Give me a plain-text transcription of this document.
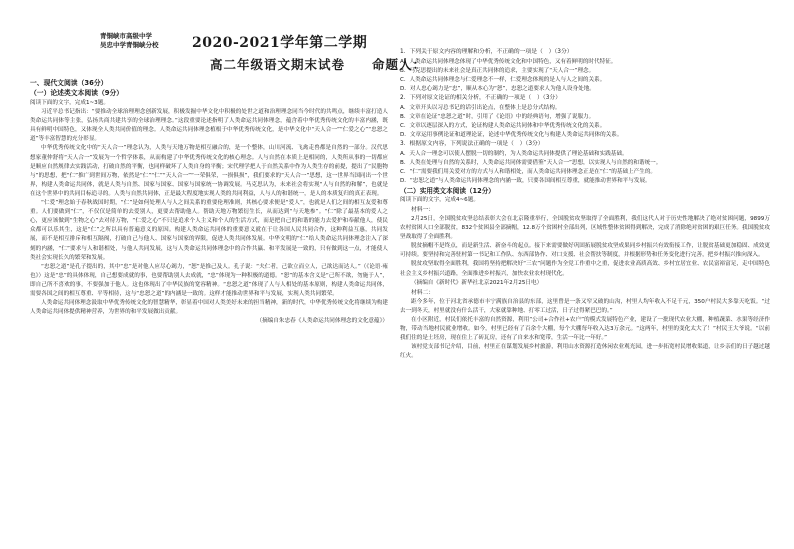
青铜峡市高级中学
吴忠中学青铜峡分校 2020-2021学年第二学期
高二年级语文期末试卷　　命题人：
一、现代文阅读（36分）
（一）论述类文本阅读（9分）

阅读下面的文字，完成1~3题。

习近平总书记指出：“要推动全球治理理念创新发展，积极发掘中华文化中积极的处世之道和治理理念同当今时代的共鸣点，继续丰富打造人类命运共同体等主张，弘扬共商共建共享的全球治理理念。”这段重要论述指明了人类命运共同体理念，蕴含着中华优秀传统文化的丰富内涵，既具有鲜明中国特色，又体现全人类共同价值的理念。人类命运共同体理念植根于中华优秀传统文化，是中华文化中“天人合一”“仁爱之心”“忠恕之道”等丰富智慧的充分彰显。

中华优秀传统文化中的“天人合一”理念认为，人类与天地万物是相互融合的，是一个整体，山川河流、飞禽走兽都是自然的一部分。汉代思想家董仲舒将“天人合一”发展为一个哲学体系，从而构建了中华优秀传统文化的核心理念。人与自然在本质上是相同的，人类所从事的一切都应是顺应自然规律去实践活动，打破自然的平衡，也同样破坏了人类自身的平衡；宋代理学把人于自然关系中作为人类生存的前提，提出了“民胞物与”的思想，把“仁”推广到世间万物，依然是“仁”“仁”“天人合一”“一荣俱荣，一损俱损”，我们要求的“天人合一”思想，这一世界当国同出一个世界，构建人类命运共同体，就是人类与自然、国家与国家、国家与国家统一协调发展。马克思认为，未来社会将实现“人与自然的和解”，也就是在这个世界中的共同目标追寻的。人类与自然共同体，正是最大程度地实现人类的共同利益，人与人的和谐统一，是人的本质复归的真正表现。

“仁爱”理念始于春秋战国时期，“仁”是如何处理人与人之间关系的重要伦理准则，其核心要求便是“爱人”，也就是人们之间的相互友爱和尊重。人们要做到“仁”，不仅仅是简单的去爱别人，更要去帮助他人。帮助天地万物繁衍生长，从而达到“与天地参”。“仁”除了最基本的爱人之心，更应该做到“生物之心”去对待万物，“仁爱之心”不只是追求个人主义和个人的生活方式，而是把自己的和谐的能力去爱护和奉献他人，使民众都可以乐其生，这是“仁”之所以具有普遍意义的原因。构建人类命运共同体的重要意义就在于让各国人民共同合作，这种利益互惠，共同发展，而不是相互排斥和相互隔阂，打破自己与他人、国家与国家的界限，促进人类共同体发展。中华文明的“仁”给人类命运共同体理念注入了深刻的内涵，“仁”要求与人和谐相处，与他人共同发展，这与人类命运共同体理念中的合作共赢、和平发展是一致的，只有做到这一点，才能使人类社会实现长久的繁荣和发展。

“忠恕之道”是孔子提出的，其中“忠”是对他人应尽心竭力，“恕”是推己及人。孔子说：“夫仁者，己欲立而立人，己欲达而达人。”（《论语·雍也》）这是“忠”的具体体现，自己想要成就的事，也要帮助别人去成就，“忠”体现为一种积极的道德。“恕”的基本含义是“己所不欲，勿施于人”，即自己所不喜欢的事，不要强加于他人。这也体现出了中华民族的宽容精神。“忠恕之道”体现了人与人相处的基本原则，构建人类命运共同体，需要各国之间的相互尊重、平等相待，这与“忠恕之道”的内涵是一致的。这样才能推动世界和平与发展，实现人类共同繁荣。

人类命运共同体理念汲取中华优秀传统文化的智慧精华，彰显着中国对人类美好未来的担当精神，新的时代，中华优秀传统文化将继续为构建人类命运共同体提供精神营养，为世界的和平发展做出贡献。

（摘编自朱忠春《人类命运共同体理念的文化意蕴》）

1．下列关于原文内容的理解和分析，不正确的一项是（　）（3分）

A．人类命运共同体理念体现了中华优秀传统文化和中国特色，又有着鲜明的时代特征。

B．马克思提出的未来社会是真正共同体的追求，主要实现了“天人合一”理念。

C．人类命运共同体理念与仁爱理念不一样，仁爱理念体现的是人与人之间的关系。

D．对人忠心竭力是“忠”，顺从本心为“恕”，忠恕之道要求人为他人设身处地。

2．下列对原文论证的相关分析，不正确的一项是（　）（3分）

A．文章开头以习总书记的话引出论点，在整体上是总分式结构。

B．文章在论证“忠恕之道”时，引用了《论语》中的经典语句，增强了说服力。

C．文章以逐层深入的方式，论证构建人类命运共同体和中华优秀传统文化的关系。

D．文章运用事例论证和道理论证，论述中华优秀传统文化与构建人类命运共同体的关系。

3．根据原文内容，下列说法正确的一项是（　）（3分）

A．天人合一理念可以使人摆脱一切的制约，为人类命运共同体提供了理论基础和实践基础。

B．人类在处理与自然的关系时，人类命运共同体需要借鉴“天人合一”思想，以实现人与自然的和谐统一。

C．“仁”需要我们用关爱对方的方式与人和谐相处，而人类命运共同体理念正是在“仁”的基础上产生的。

D．“忠恕之道”与人类命运共同体理念的内涵一致，只要各国间相互尊重，就能推动世界和平与发展。

（二）实用类文本阅读（12分）

阅读下面的文字，完成4~6题。

材料一：

2月25日，全国脱贫攻坚总结表彰大会在北京隆重举行，全国脱贫攻坚取得了全面胜利，我们这代人对于历史性地解决了绝对贫困问题，9899万农村贫困人口全部脱贫，832个贫困县全部摘帽，12.8万个贫困村全部出列，区域性整体贫困得到解决，完成了消除绝对贫困的艰巨任务。我国脱贫攻坚战取得了全面胜利。

脱贫摘帽不是终点，而是新生活、新奋斗的起点。接下来需要做好巩固拓展脱贫攻坚成果同乡村振兴有效衔接工作，让脱贫基础更加稳固、成效更可持续。要坚持和完善驻村第一书记和工作队、东西部协作、对口支援、社会帮扶等制度，并根据形势和任务变化进行完善，把乡村振兴推向深入。

脱贫攻坚取得全面胜利，我国将坚持把解决好“三农”问题作为全党工作重中之重，促进农业高质高效、乡村宜居宜业、农民富裕富足，走中国特色社会主义乡村振兴道路，全面推进乡村振兴，加快农业农村现代化。

（摘编自《新时代》新华社北京2021年2月25日电）

材料二：

距今多年，位于河北省承德市丰宁满族自治县的东部，这里曾是一条又窄又破的山沟，村里人均年收入不足千元，350户村民大多靠天吃饭。“过去一到冬天，村里就没有什么活干，大家就靠种地、打零工过活，日子过得紧巴巴的。”

在小区附近，村民们依托丰富的自然资源，利用“公司+合作社+农户”的模式发展特色产业，建设了一批现代农业大棚，种植蔬菜、水果等经济作物，带动当地村民就业增收。如今，村里已经有了百余个大棚，每个大棚每年收入达3万余元。“这两年，村里的变化太大了！”村民王大爷说。“以前我们住的是土坯房，现在住上了砖瓦房，还有了自来水和宽带，生活一年比一年好。”

该村党支部书记介绍，目前，村里正在谋划发展乡村旅游，利用山水资源打造休闲农业观光园，进一步拓宽村民增收渠道，让乡亲们的日子越过越红火。
